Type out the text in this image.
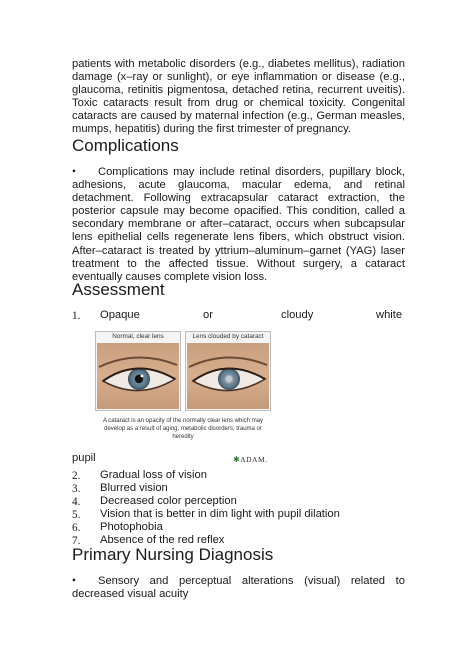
patients with metabolic disorders (e.g., diabetes mellitus), radiation damage (x–ray or sunlight), or eye inflammation or disease (e.g., glaucoma, retinitis pigmentosa, detached retina, recurrent uveitis). Toxic cataracts result from drug or chemical toxicity. Congenital cataracts are caused by maternal infection (e.g., German measles, mumps, hepatitis) during the first trimester of pregnancy.

Complications

• Complications may include retinal disorders, pupillary block, adhesions, acute glaucoma, macular edema, and retinal detachment. Following extracapsular cataract extraction, the posterior capsule may become opacified. This condition, called a secondary membrane or after–cataract, occurs when subcapsular lens epithelial cells regenerate lens fibers, which obstruct vision. After–cataract is treated by yttrium–aluminum–garnet (YAG) laser treatment to the affected tissue. Without surgery, a cataract eventually causes complete vision loss.

Assessment
1. Opaque	or	cloudy	white
Normal, clear lens	Lens clouded by cataract
A cataract is an opacity of the normally clear lens which may develop as a result of aging, metabolic disorders, trauma or heredity
pupil	✱ADAM.
2. Gradual loss of vision
3. Blurred vision
4. Decreased color perception
5. Vision that is better in dim light with pupil dilation
6. Photophobia
7. Absence of the red reflex
Primary Nursing Diagnosis

• Sensory and perceptual alterations (visual) related to decreased visual acuity
